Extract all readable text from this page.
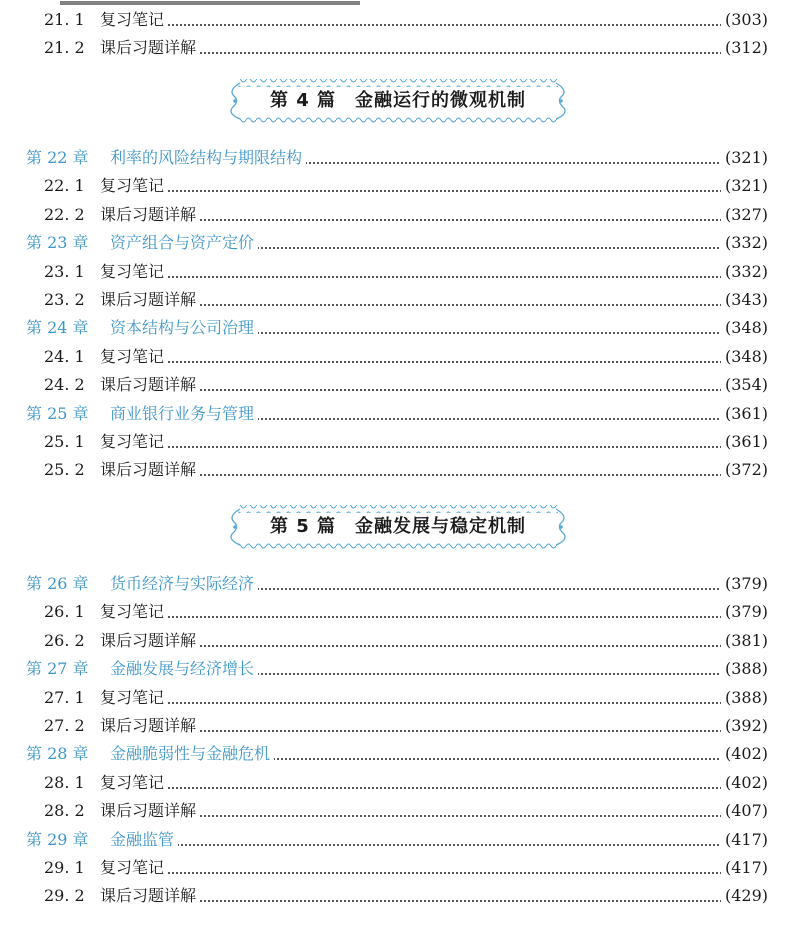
21. 1 复习笔记	(303)
21. 2 课后习题详解	(312)
第 4 篇　金融运行的微观机制
第 22 章 利率的风险结构与期限结构	(321)
22. 1 复习笔记	(321)
22. 2 课后习题详解	(327)
第 23 章 资产组合与资产定价	(332)
23. 1 复习笔记	(332)
23. 2 课后习题详解	(343)
第 24 章 资本结构与公司治理	(348)
24. 1 复习笔记	(348)
24. 2 课后习题详解	(354)
第 25 章 商业银行业务与管理	(361)
25. 1 复习笔记	(361)
25. 2 课后习题详解	(372)
第 5 篇　金融发展与稳定机制
第 26 章 货币经济与实际经济	(379)
26. 1 复习笔记	(379)
26. 2 课后习题详解	(381)
第 27 章 金融发展与经济增长	(388)
27. 1 复习笔记	(388)
27. 2 课后习题详解	(392)
第 28 章 金融脆弱性与金融危机	(402)
28. 1 复习笔记	(402)
28. 2 课后习题详解	(407)
第 29 章 金融监管	(417)
29. 1 复习笔记	(417)
29. 2 课后习题详解	(429)
